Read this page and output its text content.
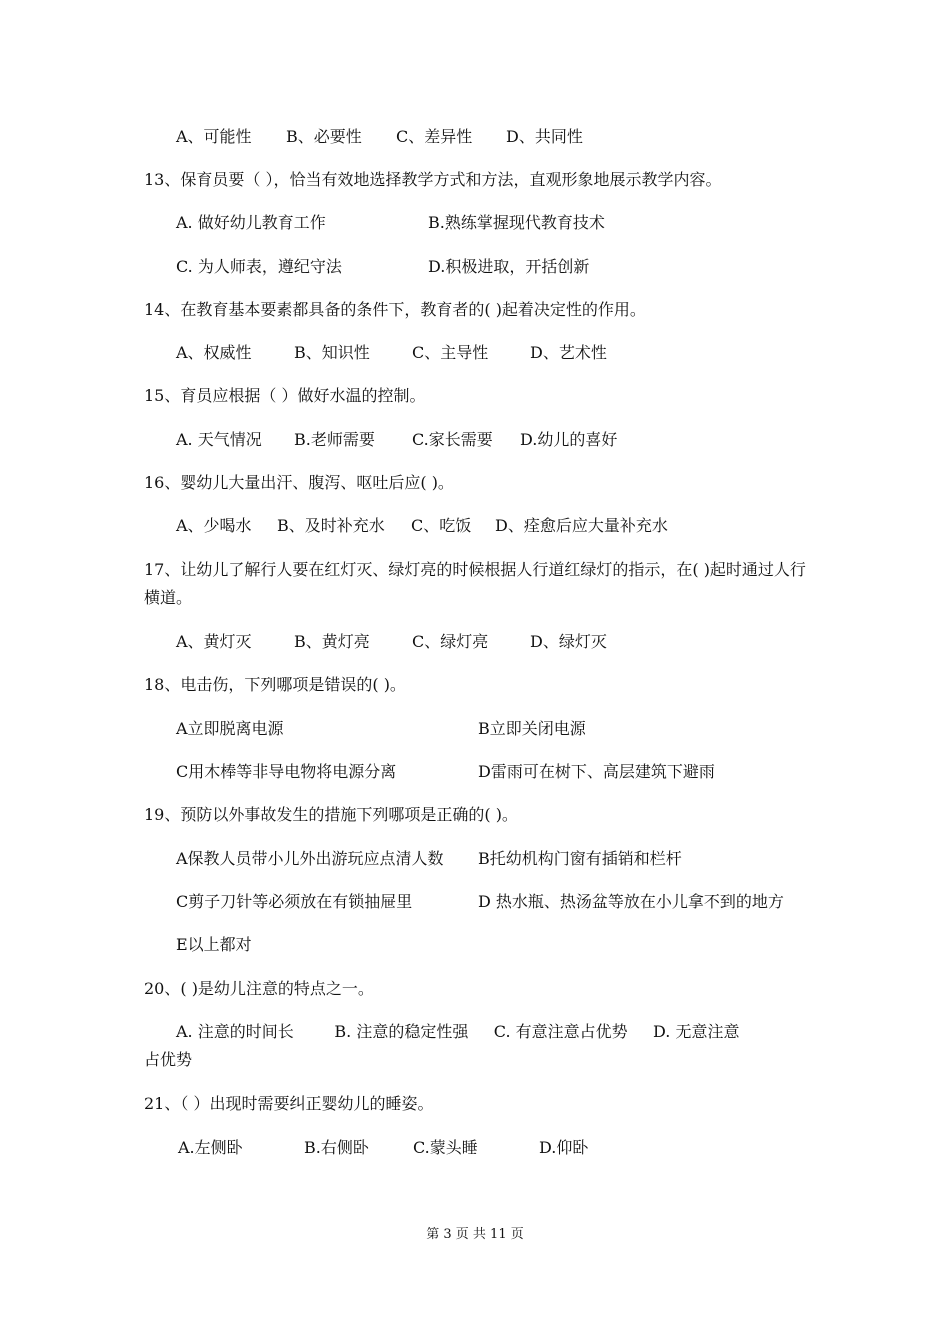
A、可能性 B、必要性 C、差异性 D、共同性
13、保育员要（ ），恰当有效地选择教学方式和方法，直观形象地展示教学内容。
A. 做好幼儿教育工作	B.熟练掌握现代教育技术
C. 为人师表，遵纪守法	D.积极进取，开括创新
14、在教育基本要素都具备的条件下，教育者的( )起着决定性的作用。
A、权威性	B、知识性	C、主导性	D、艺术性
15、育员应根据（ ）做好水温的控制。
A. 天气情况 B.老师需要 C.家长需要 D.幼儿的喜好
16、婴幼儿大量出汗、腹泻、呕吐后应( )。
A、少喝水 B、及时补充水 C、吃饭 D、痊愈后应大量补充水
17、让幼儿了解行人要在红灯灭、绿灯亮的时候根据人行道红绿灯的指示，在( )起时通过人行横道。
A、黄灯灭	B、黄灯亮	C、绿灯亮	D、绿灯灭
18、电击伤，下列哪项是错误的( )。
A立即脱离电源	B立即关闭电源
C用木棒等非导电物将电源分离	D雷雨可在树下、高层建筑下避雨
19、预防以外事故发生的措施下列哪项是正确的( )。
A保教人员带小儿外出游玩应点清人数 B托幼机构门窗有插销和栏杆
C剪子刀针等必须放在有锁抽屉里	D 热水瓶、热汤盆等放在小儿拿不到的地方
E以上都对
20、( )是幼儿注意的特点之一。
A. 注意的时间长        B. 注意的稳定性强     C. 有意注意占优势     D. 无意注意
占优势
21、（ ）出现时需要纠正婴幼儿的睡姿。
A.左侧卧	B.右侧卧	C.蒙头睡	D.仰卧
第 3 页 共 11 页
